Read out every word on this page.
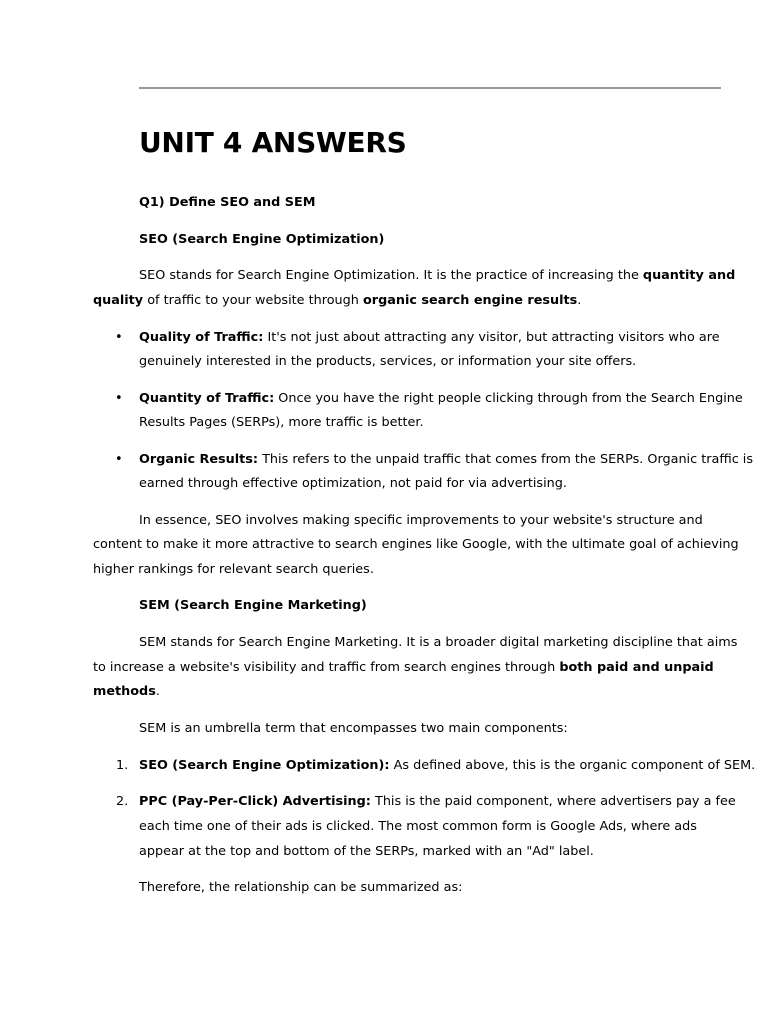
UNIT 4 ANSWERS
Q1) Define SEO and SEM
SEO (Search Engine Optimization)
SEO stands for Search Engine Optimization. It is the practice of increasing the quantity and
quality of traffic to your website through organic search engine results.
• Quality of Traffic: It's not just about attracting any visitor, but attracting visitors who are
genuinely interested in the products, services, or information your site offers.
• Quantity of Traffic: Once you have the right people clicking through from the Search Engine
Results Pages (SERPs), more traffic is better.
• Organic Results: This refers to the unpaid traffic that comes from the SERPs. Organic traffic is
earned through effective optimization, not paid for via advertising.
In essence, SEO involves making specific improvements to your website's structure and
content to make it more attractive to search engines like Google, with the ultimate goal of achieving
higher rankings for relevant search queries.
SEM (Search Engine Marketing)
SEM stands for Search Engine Marketing. It is a broader digital marketing discipline that aims
to increase a website's visibility and traffic from search engines through both paid and unpaid
methods.
SEM is an umbrella term that encompasses two main components:
1. SEO (Search Engine Optimization): As defined above, this is the organic component of SEM.
2. PPC (Pay-Per-Click) Advertising: This is the paid component, where advertisers pay a fee
each time one of their ads is clicked. The most common form is Google Ads, where ads
appear at the top and bottom of the SERPs, marked with an "Ad" label.
Therefore, the relationship can be summarized as:
